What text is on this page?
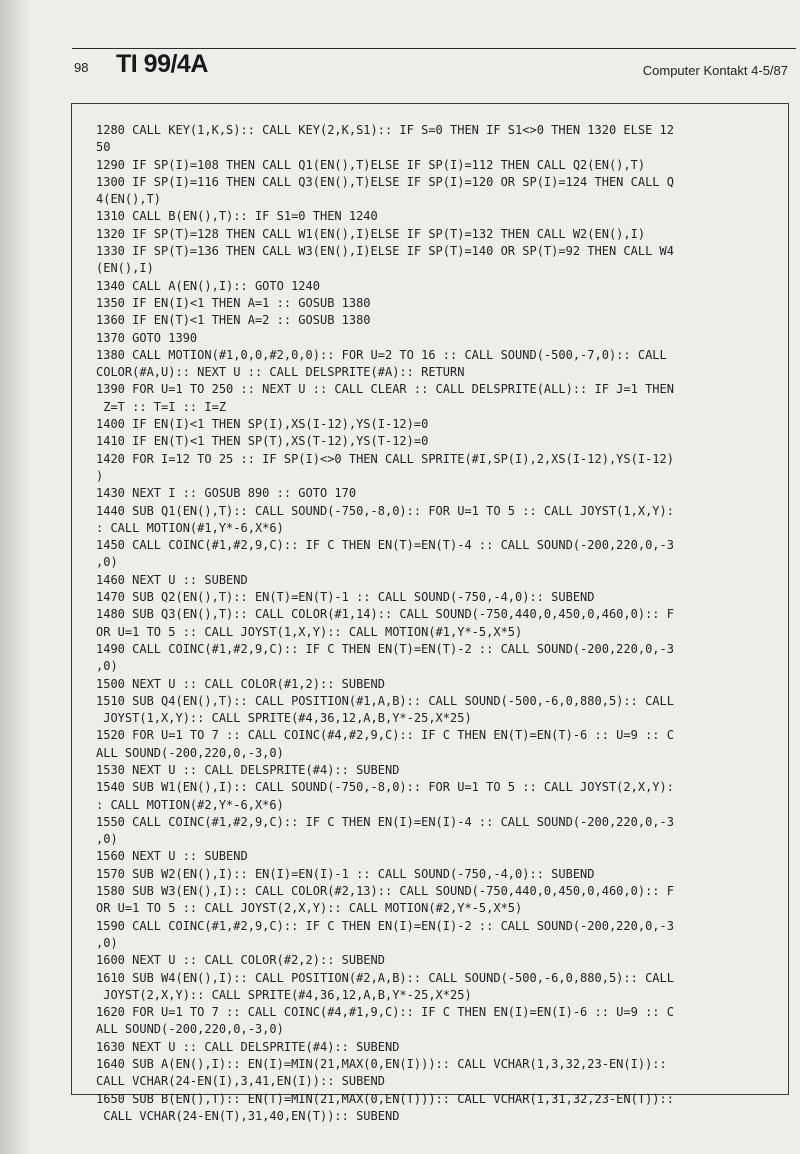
98 TI 99/4A	Computer Kontakt 4-5/87
1280 CALL KEY(1,K,S):: CALL KEY(2,K,S1):: IF S=0 THEN IF S1<>0 THEN 1320 ELSE 12
50
1290 IF SP(I)=108 THEN CALL Q1(EN(),T)ELSE IF SP(I)=112 THEN CALL Q2(EN(),T)
1300 IF SP(I)=116 THEN CALL Q3(EN(),T)ELSE IF SP(I)=120 OR SP(I)=124 THEN CALL Q
4(EN(),T)
1310 CALL B(EN(),T):: IF S1=0 THEN 1240
1320 IF SP(T)=128 THEN CALL W1(EN(),I)ELSE IF SP(T)=132 THEN CALL W2(EN(),I)
1330 IF SP(T)=136 THEN CALL W3(EN(),I)ELSE IF SP(T)=140 OR SP(T)=92 THEN CALL W4
(EN(),I)
1340 CALL A(EN(),I):: GOTO 1240
1350 IF EN(I)<1 THEN A=1 :: GOSUB 1380
1360 IF EN(T)<1 THEN A=2 :: GOSUB 1380
1370 GOTO 1390
1380 CALL MOTION(#1,0,0,#2,0,0):: FOR U=2 TO 16 :: CALL SOUND(-500,-7,0):: CALL
COLOR(#A,U):: NEXT U :: CALL DELSPRITE(#A):: RETURN
1390 FOR U=1 TO 250 :: NEXT U :: CALL CLEAR :: CALL DELSPRITE(ALL):: IF J=1 THEN
Z=T :: T=I :: I=Z
1400 IF EN(I)<1 THEN SP(I),XS(I-12),YS(I-12)=0
1410 IF EN(T)<1 THEN SP(T),XS(T-12),YS(T-12)=0
1420 FOR I=12 TO 25 :: IF SP(I)<>0 THEN CALL SPRITE(#I,SP(I),2,XS(I-12),YS(I-12)
)
1430 NEXT I :: GOSUB 890 :: GOTO 170
1440 SUB Q1(EN(),T):: CALL SOUND(-750,-8,0):: FOR U=1 TO 5 :: CALL JOYST(1,X,Y):
: CALL MOTION(#1,Y*-6,X*6)
1450 CALL COINC(#1,#2,9,C):: IF C THEN EN(T)=EN(T)-4 :: CALL SOUND(-200,220,0,-3
,0)
1460 NEXT U :: SUBEND
1470 SUB Q2(EN(),T):: EN(T)=EN(T)-1 :: CALL SOUND(-750,-4,0):: SUBEND
1480 SUB Q3(EN(),T):: CALL COLOR(#1,14):: CALL SOUND(-750,440,0,450,0,460,0):: F
OR U=1 TO 5 :: CALL JOYST(1,X,Y):: CALL MOTION(#1,Y*-5,X*5)
1490 CALL COINC(#1,#2,9,C):: IF C THEN EN(T)=EN(T)-2 :: CALL SOUND(-200,220,0,-3
,0)
1500 NEXT U :: CALL COLOR(#1,2):: SUBEND
1510 SUB Q4(EN(),T):: CALL POSITION(#1,A,B):: CALL SOUND(-500,-6,0,880,5):: CALL
JOYST(1,X,Y):: CALL SPRITE(#4,36,12,A,B,Y*-25,X*25)
1520 FOR U=1 TO 7 :: CALL COINC(#4,#2,9,C):: IF C THEN EN(T)=EN(T)-6 :: U=9 :: C
ALL SOUND(-200,220,0,-3,0)
1530 NEXT U :: CALL DELSPRITE(#4):: SUBEND
1540 SUB W1(EN(),I):: CALL SOUND(-750,-8,0):: FOR U=1 TO 5 :: CALL JOYST(2,X,Y):
: CALL MOTION(#2,Y*-6,X*6)
1550 CALL COINC(#1,#2,9,C):: IF C THEN EN(I)=EN(I)-4 :: CALL SOUND(-200,220,0,-3
,0)
1560 NEXT U :: SUBEND
1570 SUB W2(EN(),I):: EN(I)=EN(I)-1 :: CALL SOUND(-750,-4,0):: SUBEND
1580 SUB W3(EN(),I):: CALL COLOR(#2,13):: CALL SOUND(-750,440,0,450,0,460,0):: F
OR U=1 TO 5 :: CALL JOYST(2,X,Y):: CALL MOTION(#2,Y*-5,X*5)
1590 CALL COINC(#1,#2,9,C):: IF C THEN EN(I)=EN(I)-2 :: CALL SOUND(-200,220,0,-3
,0)
1600 NEXT U :: CALL COLOR(#2,2):: SUBEND
1610 SUB W4(EN(),I):: CALL POSITION(#2,A,B):: CALL SOUND(-500,-6,0,880,5):: CALL
JOYST(2,X,Y):: CALL SPRITE(#4,36,12,A,B,Y*-25,X*25)
1620 FOR U=1 TO 7 :: CALL COINC(#4,#1,9,C):: IF C THEN EN(I)=EN(I)-6 :: U=9 :: C
ALL SOUND(-200,220,0,-3,0)
1630 NEXT U :: CALL DELSPRITE(#4):: SUBEND
1640 SUB A(EN(),I):: EN(I)=MIN(21,MAX(0,EN(I))):: CALL VCHAR(1,3,32,23-EN(I))::
CALL VCHAR(24-EN(I),3,41,EN(I)):: SUBEND
1650 SUB B(EN(),T):: EN(T)=MIN(21,MAX(0,EN(T))):: CALL VCHAR(1,31,32,23-EN(T))::
CALL VCHAR(24-EN(T),31,40,EN(T)):: SUBEND
